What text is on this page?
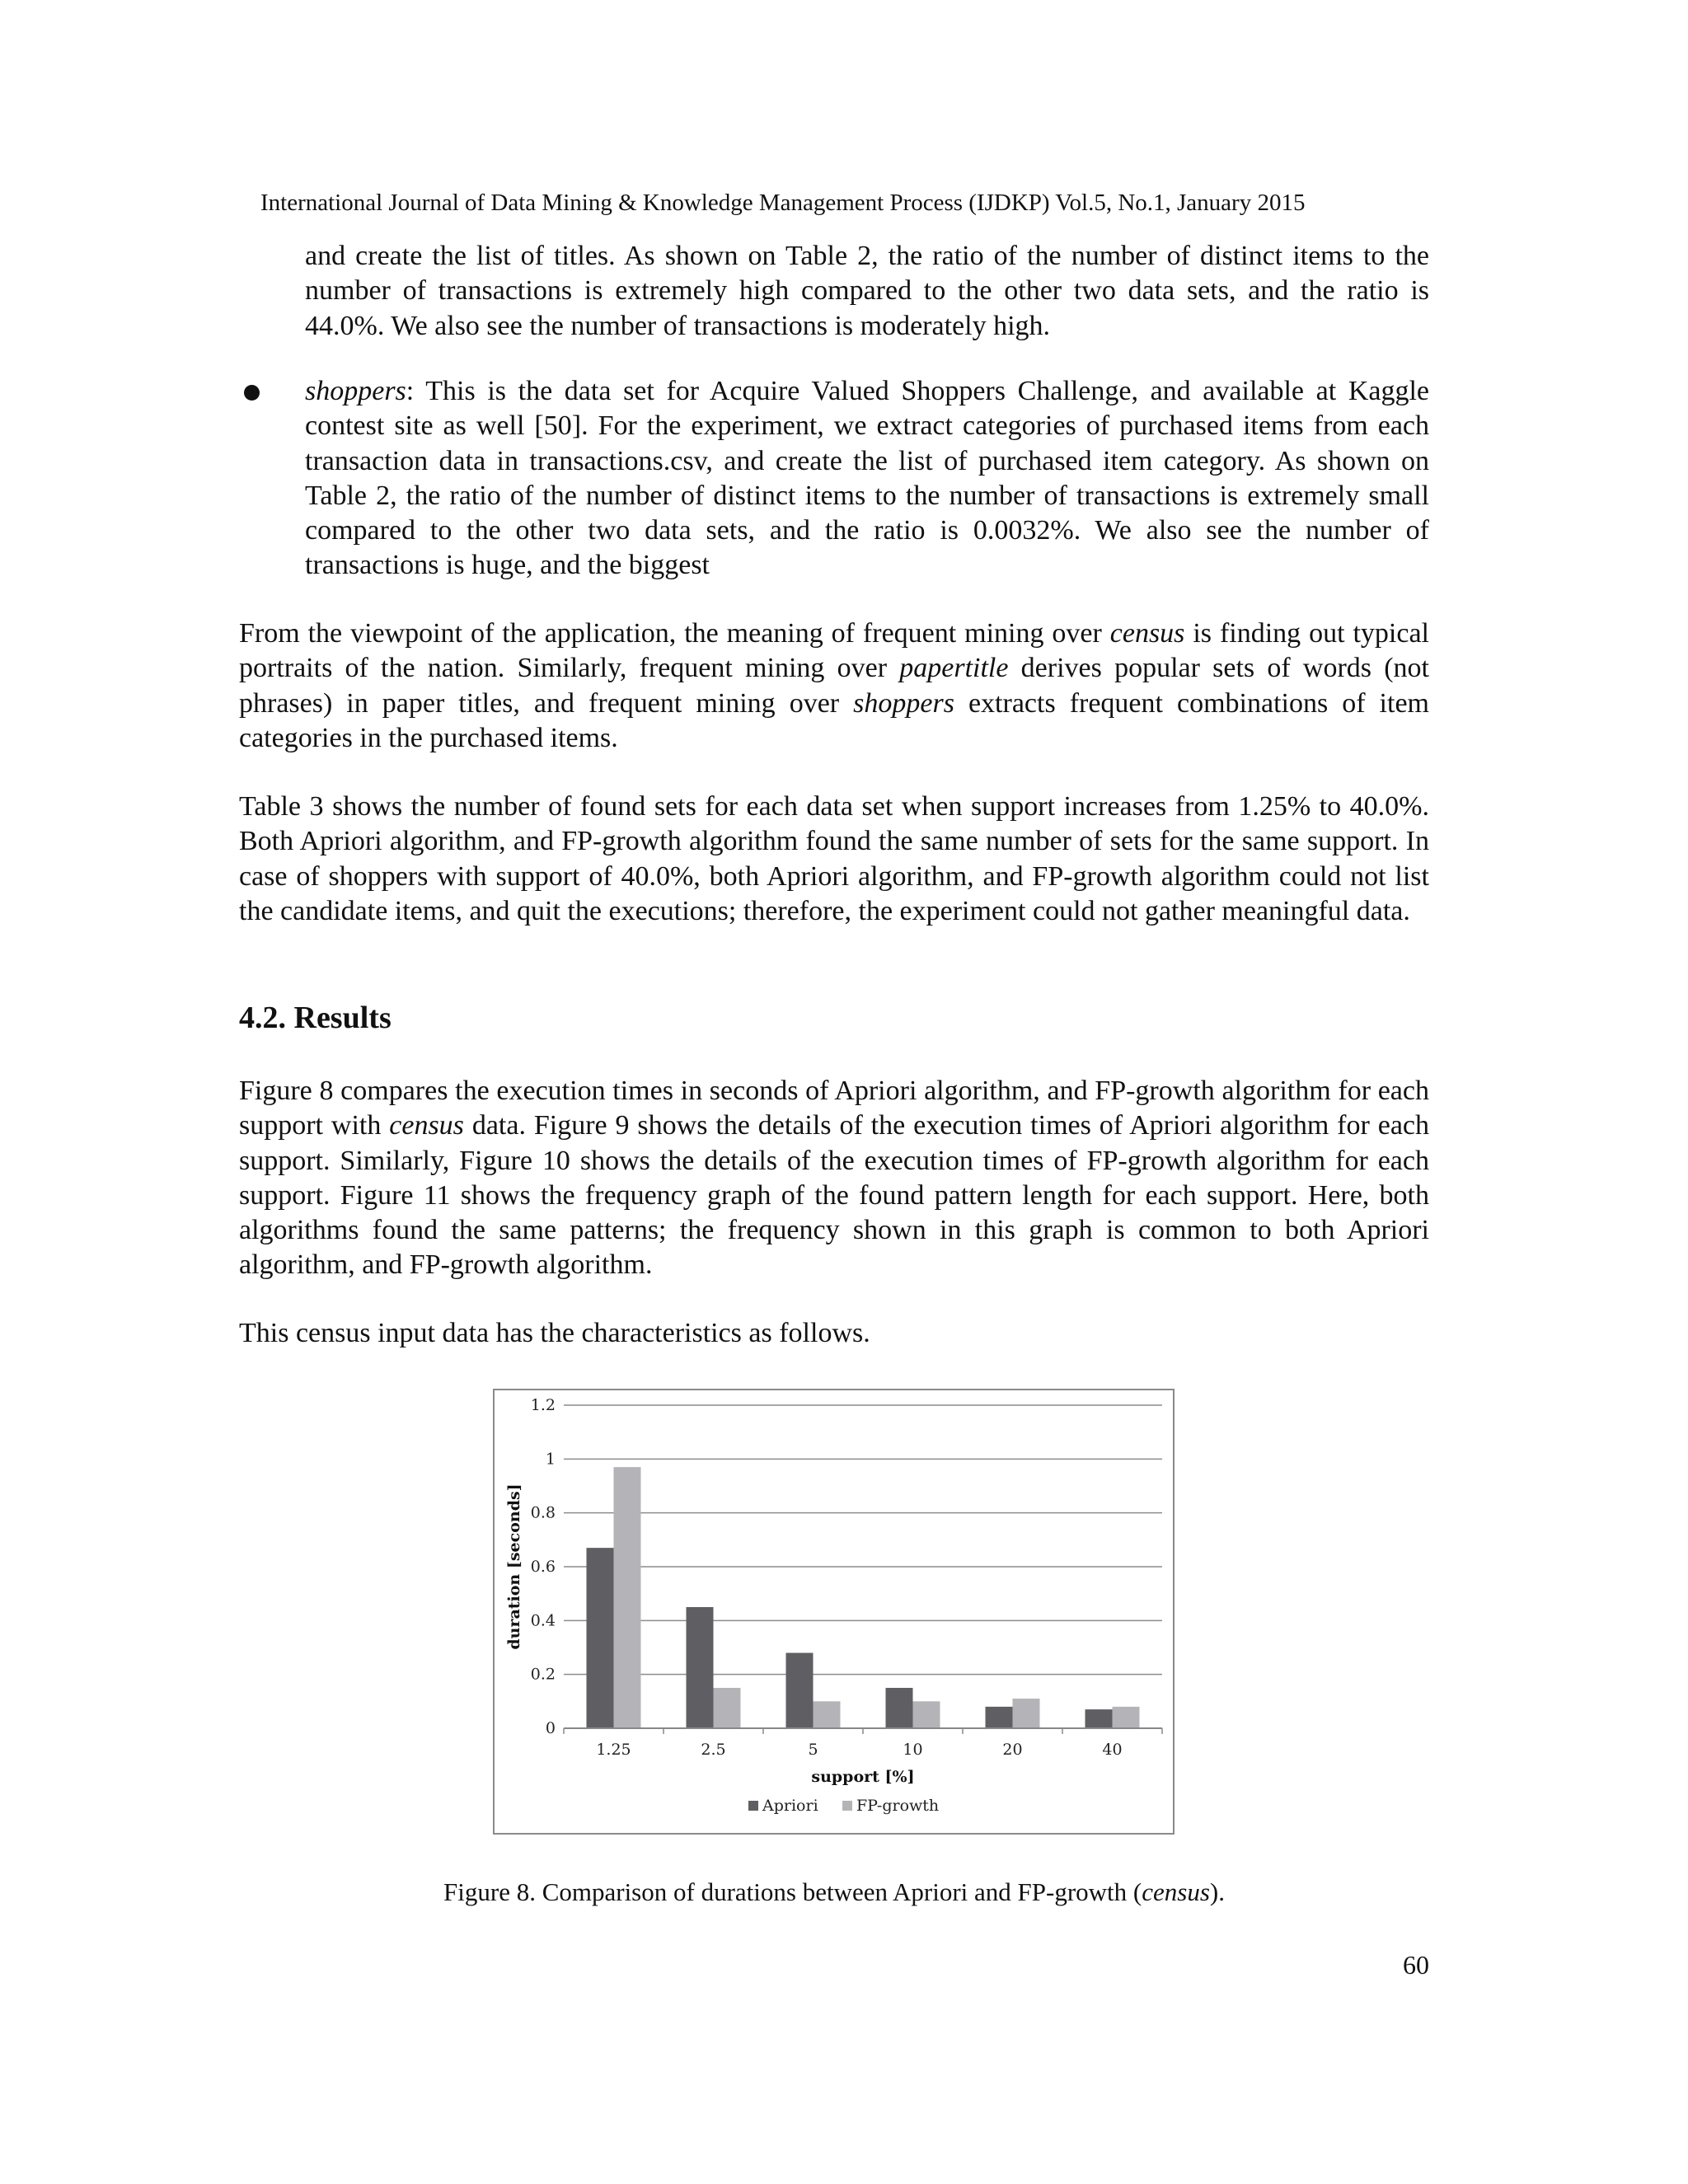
International Journal of Data Mining & Knowledge Management Process (IJDKP) Vol.5, No.1, January 2015

and create the list of titles. As shown on Table 2, the ratio of the number of distinct items to the number of transactions is extremely high compared to the other two data sets, and the ratio is 44.0%. We also see the number of transactions is moderately high.

shoppers: This is the data set for Acquire Valued Shoppers Challenge, and available at Kaggle contest site as well [50]. For the experiment, we extract categories of purchased items from each transaction data in transactions.csv, and create the list of purchased item category. As shown on Table 2, the ratio of the number of distinct items to the number of transactions is extremely small compared to the other two data sets, and the ratio is 0.0032%. We also see the number of transactions is huge, and the biggest

From the viewpoint of the application, the meaning of frequent mining over census is finding out typical portraits of the nation. Similarly, frequent mining over papertitle derives popular sets of words (not phrases) in paper titles, and frequent mining over shoppers extracts frequent combinations of item categories in the purchased items.

Table 3 shows the number of found sets for each data set when support increases from 1.25% to 40.0%. Both Apriori algorithm, and FP-growth algorithm found the same number of sets for the same support. In case of shoppers with support of 40.0%, both Apriori algorithm, and FP-growth algorithm could not list the candidate items, and quit the executions; therefore, the experiment could not gather meaningful data.

4.2. Results

Figure 8 compares the execution times in seconds of Apriori algorithm, and FP-growth algorithm for each support with census data. Figure 9 shows the details of the execution times of Apriori algorithm for each support. Similarly, Figure 10 shows the details of the execution times of FP-growth algorithm for each support. Figure 11 shows the frequency graph of the found pattern length for each support. Here, both algorithms found the same patterns; the frequency shown in this graph is common to both Apriori algorithm, and FP-growth algorithm.

This census input data has the characteristics as follows.

0
0.2
0.4
0.6
0.8
1
1.2
1.25	2.5	5	10	20	40
duration [seconds]
support [%]
Apriori FP-growth

Figure 8. Comparison of durations between Apriori and FP-growth (census).

60
